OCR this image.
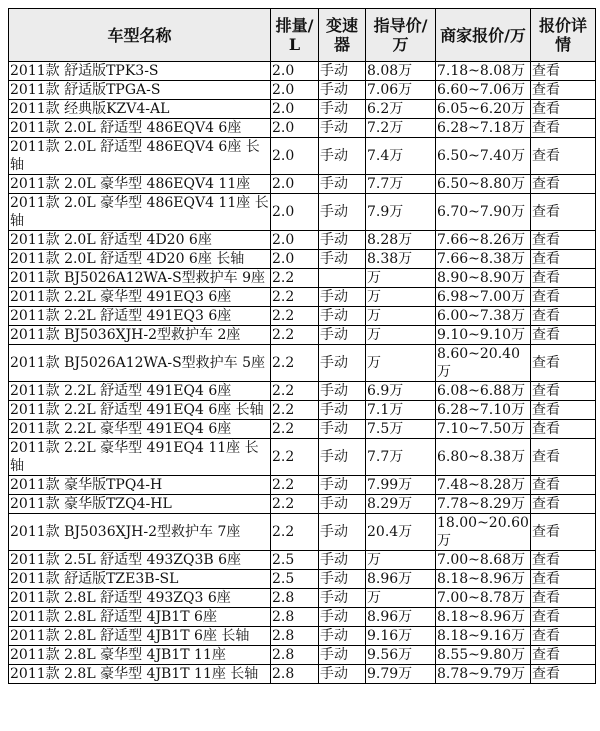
车型名称	排量/L	变速器	指导价/万	商家报价/万	报价详情
2011款 舒适版TPK3-S	2.0	手动	8.08万	7.18~8.08万	查看
2011款 舒适版TPGA-S	2.0	手动	7.06万	6.60~7.06万	查看
2011款 经典版KZV4-AL	2.0	手动	6.2万	6.05~6.20万	查看
2011款 2.0L 舒适型 486EQV4 6座	2.0	手动	7.2万	6.28~7.18万	查看
2011款 2.0L 舒适型 486EQV4 6座 长轴	2.0	手动	7.4万	6.50~7.40万	查看
2011款 2.0L 豪华型 486EQV4 11座	2.0	手动	7.7万	6.50~8.80万	查看
2011款 2.0L 豪华型 486EQV4 11座 长轴	2.0	手动	7.9万	6.70~7.90万	查看
2011款 2.0L 舒适型 4D20 6座	2.0	手动	8.28万	7.66~8.26万	查看
2011款 2.0L 舒适型 4D20 6座 长轴	2.0	手动	8.38万	7.66~8.38万	查看
2011款 BJ5026A12WA-S型救护车 9座	2.2		万	8.90~8.90万	查看
2011款 2.2L 豪华型 491EQ3 6座	2.2	手动	万	6.98~7.00万	查看
2011款 2.2L 舒适型 491EQ3 6座	2.2	手动	万	6.00~7.38万	查看
2011款 BJ5036XJH-2型救护车 2座	2.2	手动	万	9.10~9.10万	查看
2011款 BJ5026A12WA-S型救护车 5座	2.2	手动	万	8.60~20.40万	查看
2011款 2.2L 舒适型 491EQ4 6座	2.2	手动	6.9万	6.08~6.88万	查看
2011款 2.2L 舒适型 491EQ4 6座 长轴	2.2	手动	7.1万	6.28~7.10万	查看
2011款 2.2L 豪华型 491EQ4 6座	2.2	手动	7.5万	7.10~7.50万	查看
2011款 2.2L 豪华型 491EQ4 11座 长轴	2.2	手动	7.7万	6.80~8.38万	查看
2011款 豪华版TPQ4-H	2.2	手动	7.99万	7.48~8.28万	查看
2011款 豪华版TZQ4-HL	2.2	手动	8.29万	7.78~8.29万	查看
2011款 BJ5036XJH-2型救护车 7座	2.2	手动	20.4万	18.00~20.60万	查看
2011款 2.5L 舒适型 493ZQ3B 6座	2.5	手动	万	7.00~8.68万	查看
2011款 舒适版TZE3B-SL	2.5	手动	8.96万	8.18~8.96万	查看
2011款 2.8L 舒适型 493ZQ3 6座	2.8	手动	万	7.00~8.78万	查看
2011款 2.8L 舒适型 4JB1T 6座	2.8	手动	8.96万	8.18~8.96万	查看
2011款 2.8L 舒适型 4JB1T 6座 长轴	2.8	手动	9.16万	8.18~9.16万	查看
2011款 2.8L 豪华型 4JB1T 11座	2.8	手动	9.56万	8.55~9.80万	查看
2011款 2.8L 豪华型 4JB1T 11座 长轴	2.8	手动	9.79万	8.78~9.79万	查看
